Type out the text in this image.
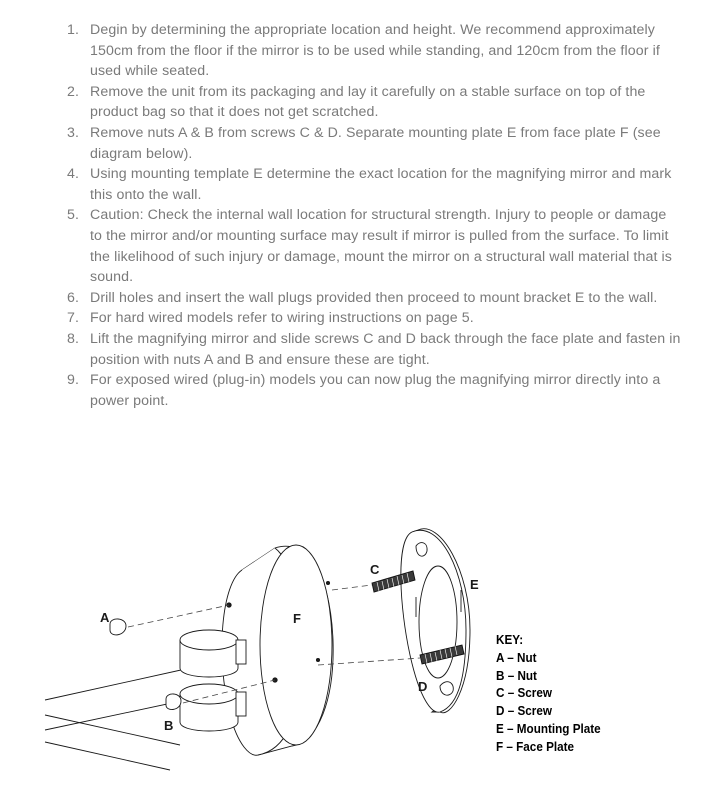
1. Degin by determining the appropriate location and height. We recommend approximately 150cm from the floor if the mirror is to be used while standing, and 120cm from the floor if used while seated.
2. Remove the unit from its packaging and lay it carefully on a stable surface on top of the product bag so that it does not get scratched.
3. Remove nuts A & B from screws C & D. Separate mounting plate E from face plate F (see diagram below).
4. Using mounting template E determine the exact location for the magnifying mirror and mark this onto the wall.
5. Caution: Check the internal wall location for structural strength. Injury to people or damage to the mirror and/or mounting surface may result if mirror is pulled from the surface. To limit the likelihood of such injury or damage, mount the mirror on a structural wall material that is sound.
6. Drill holes and insert the wall plugs provided then proceed to mount bracket E to the wall.
7. For hard wired models refer to wiring instructions on page 5.
8. Lift the magnifying mirror and slide screws C and D back through the face plate and fasten in position with nuts A and B and ensure these are tight.
9. For exposed wired (plug-in) models you can now plug the magnifying mirror directly into a power point.
A
B
C
D
E
F
KEY:
A – Nut
B – Nut
C – Screw
D – Screw
E – Mounting Plate
F – Face Plate
